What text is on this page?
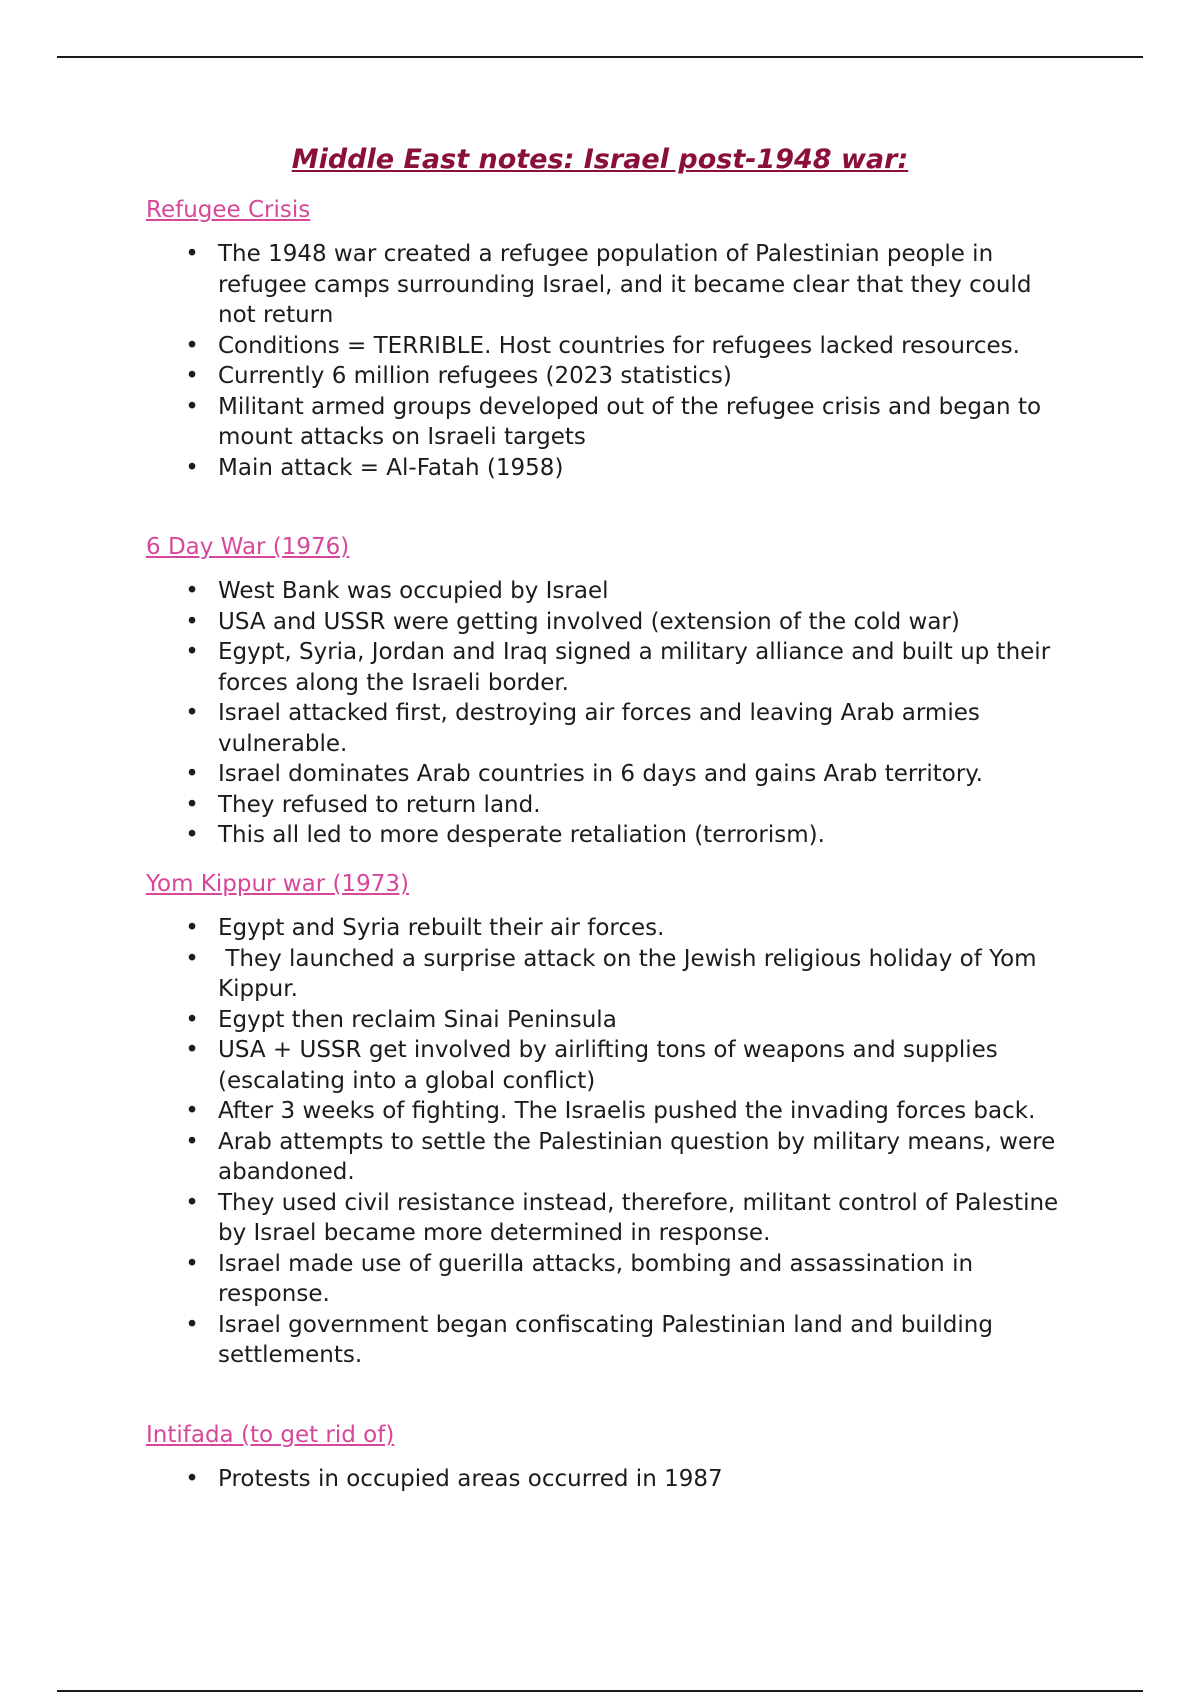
Middle East notes: Israel post-1948 war:
Refugee Crisis
• The 1948 war created a refugee population of Palestinian people in refugee camps surrounding Israel, and it became clear that they could not return
• Conditions = TERRIBLE. Host countries for refugees lacked resources.
• Currently 6 million refugees (2023 statistics)
• Militant armed groups developed out of the refugee crisis and began to mount attacks on Israeli targets
• Main attack = Al-Fatah (1958)
6 Day War (1976)
• West Bank was occupied by Israel
• USA and USSR were getting involved (extension of the cold war)
• Egypt, Syria, Jordan and Iraq signed a military alliance and built up their forces along the Israeli border.
• Israel attacked first, destroying air forces and leaving Arab armies vulnerable.
• Israel dominates Arab countries in 6 days and gains Arab territory.
• They refused to return land.
• This all led to more desperate retaliation (terrorism).
Yom Kippur war (1973)
• Egypt and Syria rebuilt their air forces.
• They launched a surprise attack on the Jewish religious holiday of Yom Kippur.
• Egypt then reclaim Sinai Peninsula
• USA + USSR get involved by airlifting tons of weapons and supplies (escalating into a global conflict)
• After 3 weeks of fighting. The Israelis pushed the invading forces back.
• Arab attempts to settle the Palestinian question by military means, were abandoned.
• They used civil resistance instead, therefore, militant control of Palestine by Israel became more determined in response.
• Israel made use of guerilla attacks, bombing and assassination in response.
• Israel government began confiscating Palestinian land and building settlements.
Intifada (to get rid of)
• Protests in occupied areas occurred in 1987
